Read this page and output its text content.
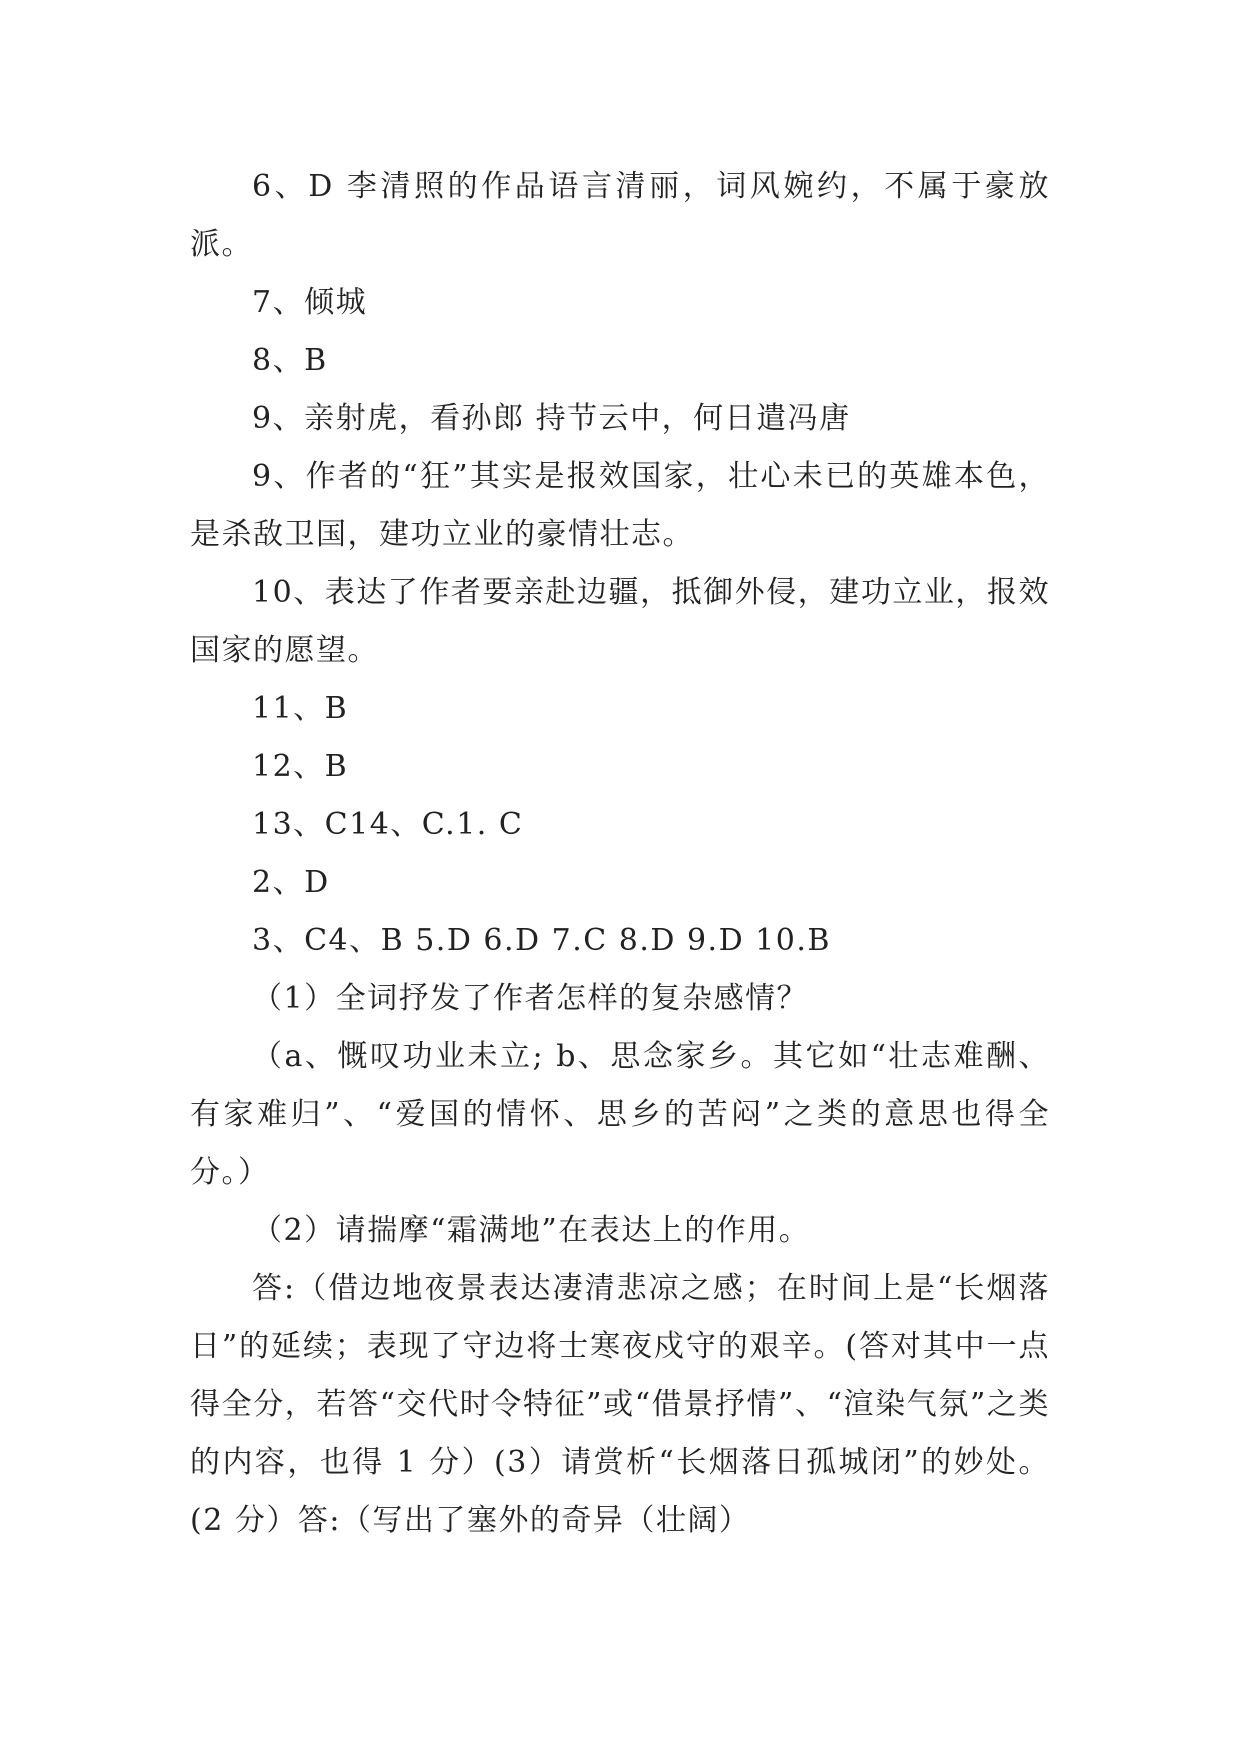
6、D 李清照的作品语言清丽，词风婉约，不属于豪放派。

7、倾城

8、B

9、亲射虎，看孙郎 持节云中，何日遣冯唐

9、作者的“狂”其实是报效国家，壮心未已的英雄本色，是杀敌卫国，建功立业的豪情壮志。

10、表达了作者要亲赴边疆，抵御外侵，建功立业，报效国家的愿望。

11、B

12、B

13、C14、C.1. C

2、D

3、C4、B 5.D 6.D 7.C 8.D 9.D 10.B

（1）全词抒发了作者怎样的复杂感情？

（a、慨叹功业未立; b、思念家乡。其它如“壮志难酬、有家难归”、“爱国的情怀、思乡的苦闷”之类的意思也得全分。）

（2）请揣摩“霜满地”在表达上的作用。

答:（借边地夜景表达凄清悲凉之感；在时间上是“长烟落日”的延续；表现了守边将士寒夜戍守的艰辛。(答对其中一点得全分，若答“交代时令特征”或“借景抒情”、“渲染气氛”之类的内容，也得 1 分）(3）请赏析“长烟落日孤城闭”的妙处。(2 分）答:（写出了塞外的奇异（壮阔）
